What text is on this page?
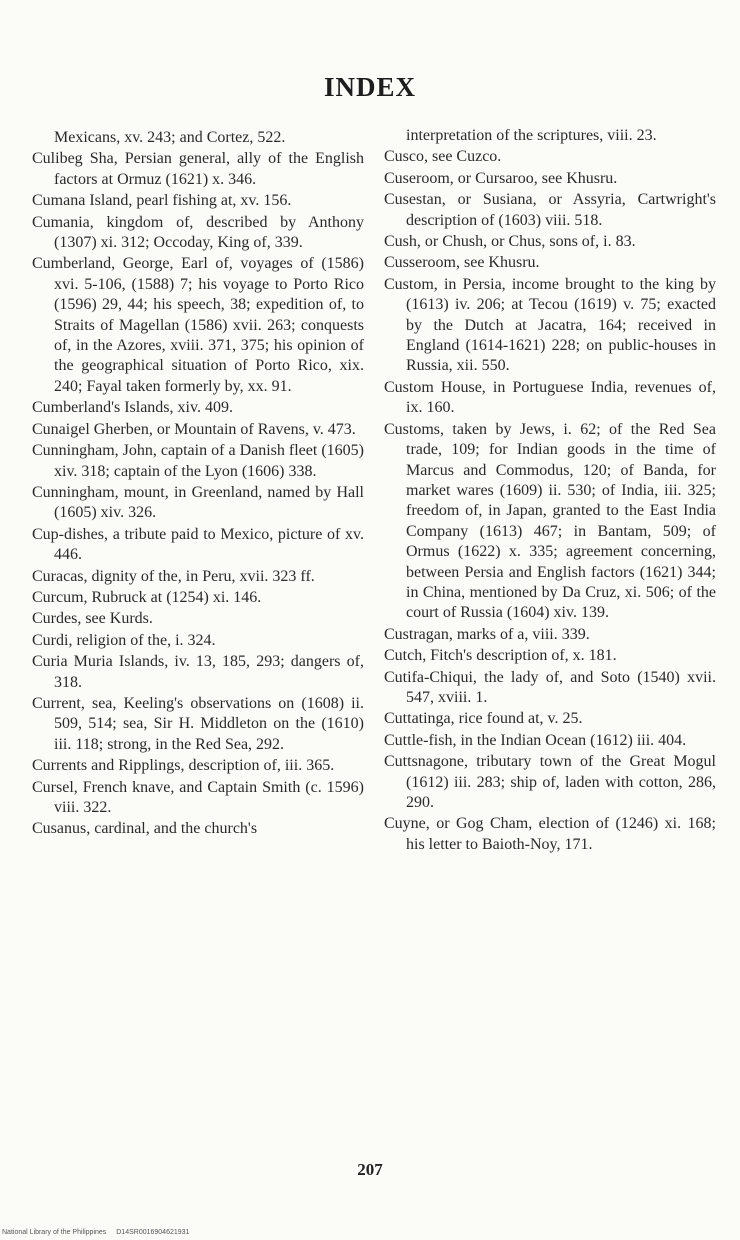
INDEX

Mexicans, xv. 243; and Cortez, 522.

Culibeg Sha, Persian general, ally of the English factors at Ormuz (1621) x. 346.

Cumana Island, pearl fishing at, xv. 156.

Cumania, kingdom of, described by Anthony (1307) xi. 312; Occoday, King of, 339.

Cumberland, George, Earl of, voyages of (1586) xvi. 5-106, (1588) 7; his voyage to Porto Rico (1596) 29, 44; his speech, 38; expedition of, to Straits of Magellan (1586) xvii. 263; conquests of, in the Azores, xviii. 371, 375; his opinion of the geographical situation of Porto Rico, xix. 240; Fayal taken formerly by, xx. 91.

Cumberland's Islands, xiv. 409.

Cunaigel Gherben, or Mountain of Ravens, v. 473.

Cunningham, John, captain of a Danish fleet (1605) xiv. 318; captain of the Lyon (1606) 338.

Cunningham, mount, in Greenland, named by Hall (1605) xiv. 326.

Cup-dishes, a tribute paid to Mexico, picture of xv. 446.

Curacas, dignity of the, in Peru, xvii. 323 ff.

Curcum, Rubruck at (1254) xi. 146.

Curdes, see Kurds.

Curdi, religion of the, i. 324.

Curia Muria Islands, iv. 13, 185, 293; dangers of, 318.

Current, sea, Keeling's observations on (1608) ii. 509, 514; sea, Sir H. Middleton on the (1610) iii. 118; strong, in the Red Sea, 292.

Currents and Ripplings, description of, iii. 365.

Cursel, French knave, and Captain Smith (c. 1596) viii. 322.

Cusanus, cardinal, and the church's

interpretation of the scriptures, viii. 23.

Cusco, see Cuzco.

Cuseroom, or Cursaroo, see Khusru.

Cusestan, or Susiana, or Assyria, Cartwright's description of (1603) viii. 518.

Cush, or Chush, or Chus, sons of, i. 83.

Cusseroom, see Khusru.

Custom, in Persia, income brought to the king by (1613) iv. 206; at Tecou (1619) v. 75; exacted by the Dutch at Jacatra, 164; received in England (1614-1621) 228; on public-houses in Russia, xii. 550.

Custom House, in Portuguese India, revenues of, ix. 160.

Customs, taken by Jews, i. 62; of the Red Sea trade, 109; for Indian goods in the time of Marcus and Commodus, 120; of Banda, for market wares (1609) ii. 530; of India, iii. 325; freedom of, in Japan, granted to the East India Company (1613) 467; in Bantam, 509; of Ormus (1622) x. 335; agreement concerning, between Persia and English factors (1621) 344; in China, mentioned by Da Cruz, xi. 506; of the court of Russia (1604) xiv. 139.

Custragan, marks of a, viii. 339.

Cutch, Fitch's description of, x. 181.

Cutifa-Chiqui, the lady of, and Soto (1540) xvii. 547, xviii. 1.

Cuttatinga, rice found at, v. 25.

Cuttle-fish, in the Indian Ocean (1612) iii. 404.

Cuttsnagone, tributary town of the Great Mogul (1612) iii. 283; ship of, laden with cotton, 286, 290.

Cuyne, or Gog Cham, election of (1246) xi. 168; his letter to Baioth-Noy, 171.

207
National Library of the Philippines D14SR0016904621931
